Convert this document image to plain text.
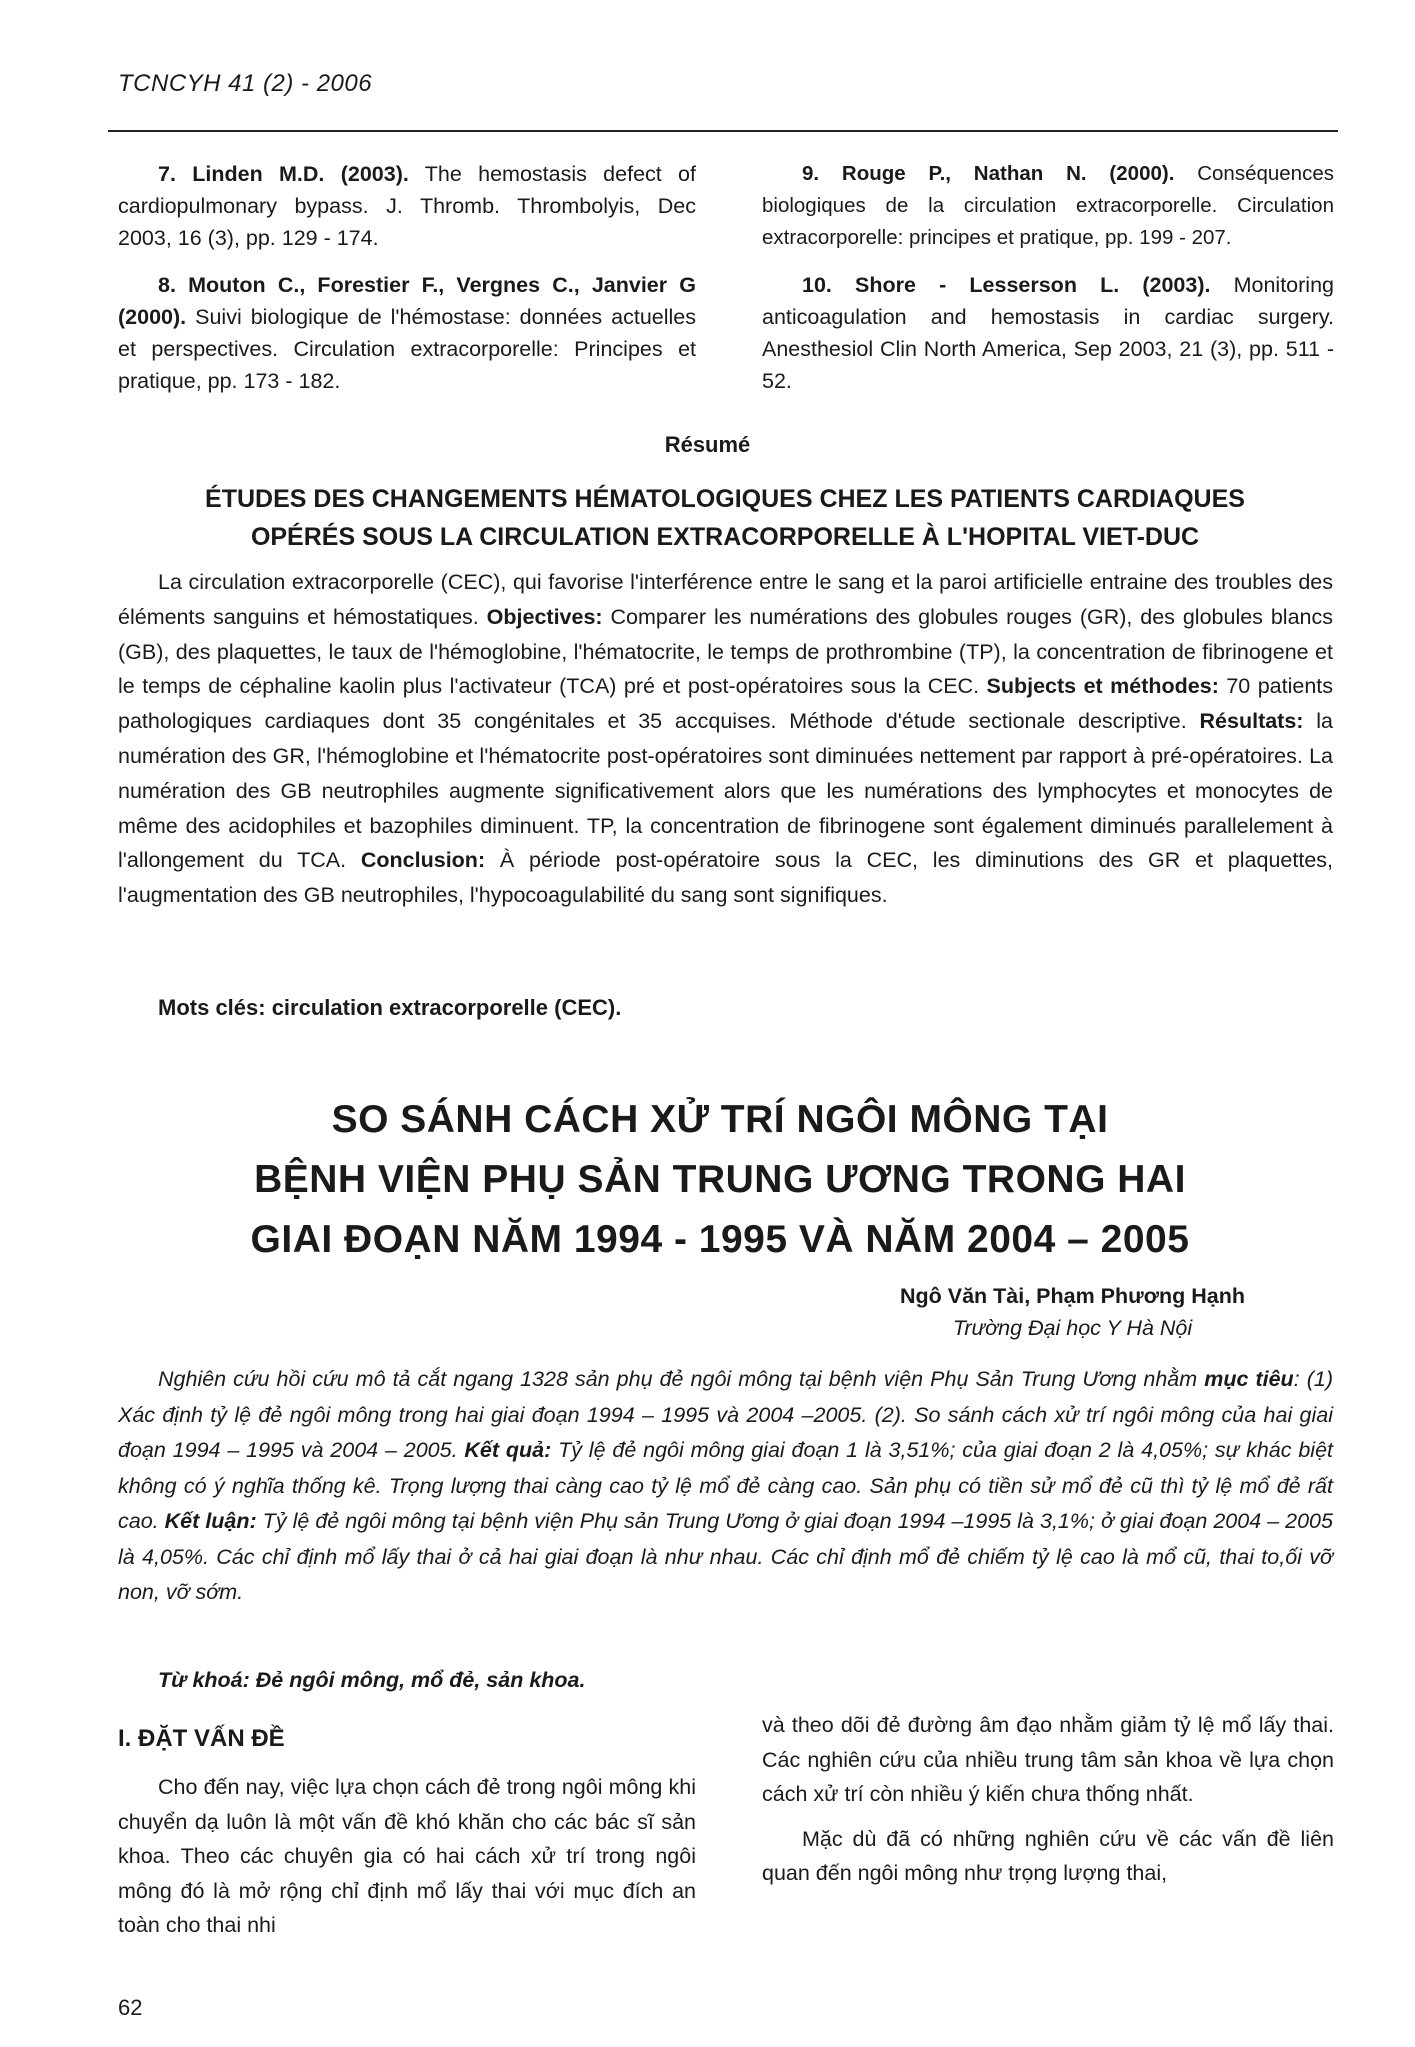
TCNCYH 41 (2) - 2006
7. Linden M.D. (2003). The hemostasis defect of cardiopulmonary bypass. J. Thromb. Thrombolyis, Dec 2003, 16 (3), pp. 129 - 174.
8. Mouton C., Forestier F., Vergnes C., Janvier G (2000). Suivi biologique de l'hémostase: données actuelles et perspectives. Circulation extracorporelle: Principes et pratique, pp. 173 - 182.
9. Rouge P., Nathan N. (2000). Conséquences biologiques de la circulation extracorporelle. Circulation extracorporelle: principes et pratique, pp. 199 - 207.
10. Shore - Lesserson L. (2003). Monitoring anticoagulation and hemostasis in cardiac surgery. Anesthesiol Clin North America, Sep 2003, 21 (3), pp. 511 - 52.
Résumé
ÉTUDES DES CHANGEMENTS HÉMATOLOGIQUES CHEZ LES PATIENTS CARDIAQUES
OPÉRÉS SOUS LA CIRCULATION EXTRACORPORELLE À L'HOPITAL VIET-DUC
La circulation extracorporelle (CEC), qui favorise l'interférence entre le sang et la paroi artificielle entraine des troubles des éléments sanguins et hémostatiques. Objectives: Comparer les numérations des globules rouges (GR), des globules blancs (GB), des plaquettes, le taux de l'hémoglobine, l'hématocrite, le temps de prothrombine (TP), la concentration de fibrinogene et le temps de céphaline kaolin plus l'activateur (TCA) pré et post-opératoires sous la CEC. Subjects et méthodes: 70 patients pathologiques cardiaques dont 35 congénitales et 35 accquises. Méthode d'étude sectionale descriptive. Résultats: la numération des GR, l'hémoglobine et l'hématocrite post-opératoires sont diminuées nettement par rapport à pré-opératoires. La numération des GB neutrophiles augmente significativement alors que les numérations des lymphocytes et monocytes de même des acidophiles et bazophiles diminuent. TP, la concentration de fibrinogene sont également diminués parallelement à l'allongement du TCA. Conclusion: À période post-opératoire sous la CEC, les diminutions des GR et plaquettes, l'augmentation des GB neutrophiles, l'hypocoagulabilité du sang sont signifiques.
Mots clés: circulation extracorporelle (CEC).
SO SÁNH CÁCH XỬ TRÍ NGÔI MÔNG TẠI
BỆNH VIỆN PHỤ SẢN TRUNG ƯƠNG TRONG HAI
GIAI ĐOẠN NĂM 1994 - 1995 VÀ NĂM 2004 – 2005
Ngô Văn Tài, Phạm Phương Hạnh
Trường Đại học Y Hà Nội
Nghiên cứu hồi cứu mô tả cắt ngang 1328 sản phụ đẻ ngôi mông tại bệnh viện Phụ Sản Trung Ương nhằm mục tiêu: (1) Xác định tỷ lệ đẻ ngôi mông trong hai giai đoạn 1994 – 1995 và 2004 –2005. (2). So sánh cách xử trí ngôi mông của hai giai đoạn 1994 – 1995 và 2004 – 2005. Kết quả: Tỷ lệ đẻ ngôi mông giai đoạn 1 là 3,51%; của giai đoạn 2 là 4,05%; sự khác biệt không có ý nghĩa thống kê. Trọng lượng thai càng cao tỷ lệ mổ đẻ càng cao. Sản phụ có tiền sử mổ đẻ cũ thì tỷ lệ mổ đẻ rất cao. Kết luận: Tỷ lệ đẻ ngôi mông tại bệnh viện Phụ sản Trung Ương ở giai đoạn 1994 –1995 là 3,1%; ở giai đoạn 2004 – 2005 là 4,05%. Các chỉ định mổ lấy thai ở cả hai giai đoạn là như nhau. Các chỉ định mổ đẻ chiếm tỷ lệ cao là mổ cũ, thai to,ối vỡ non, vỡ sớm.
Từ khoá: Đẻ ngôi mông, mổ đẻ, sản khoa.
I. ĐẶT VẤN ĐỀ

Cho đến nay, việc lựa chọn cách đẻ trong ngôi mông khi chuyển dạ luôn là một vấn đề khó khăn cho các bác sĩ sản khoa. Theo các chuyên gia có hai cách xử trí trong ngôi mông đó là mở rộng chỉ định mổ lấy thai với mục đích an toàn cho thai nhi

và theo dõi đẻ đường âm đạo nhằm giảm tỷ lệ mổ lấy thai. Các nghiên cứu của nhiều trung tâm sản khoa về lựa chọn cách xử trí còn nhiều ý kiến chưa thống nhất.

Mặc dù đã có những nghiên cứu về các vấn đề liên quan đến ngôi mông như trọng lượng thai,

62
